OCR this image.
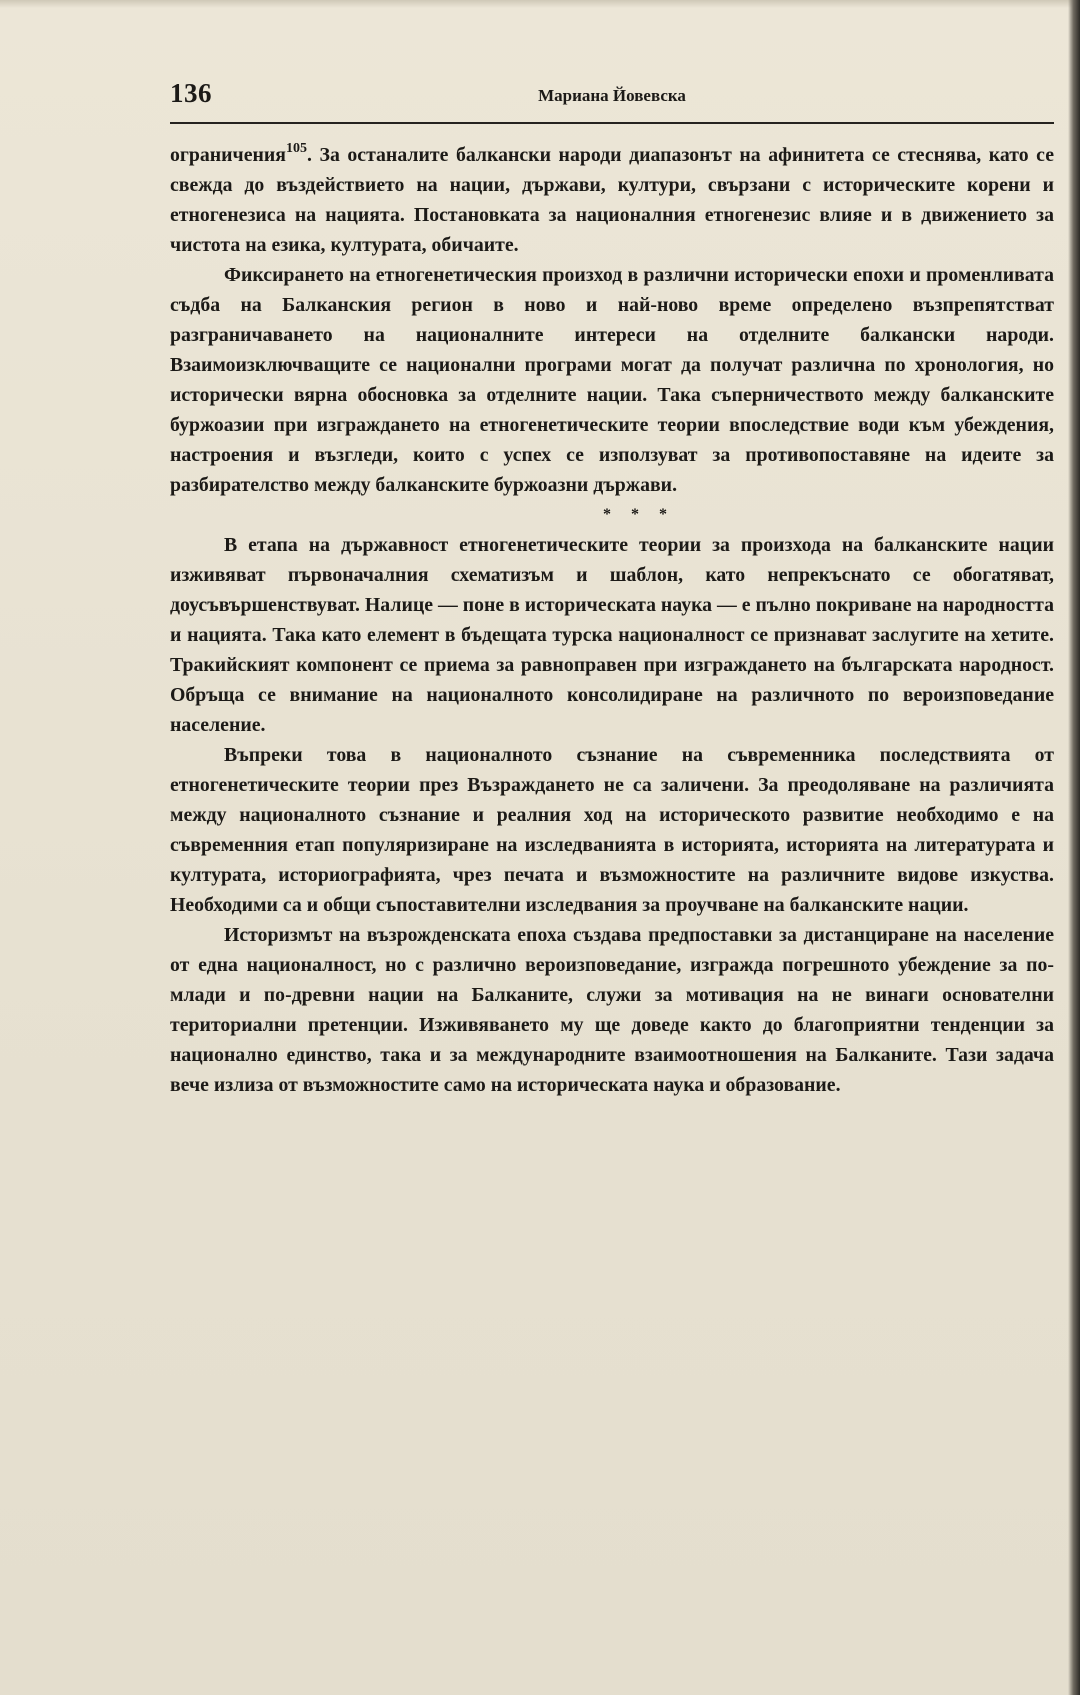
136	Мариана Йовевска

ограничения$^{105}$. За останалите балкански народи диапазонът на афинитета се стеснява, като се свежда до въздействието на нации, държави, култури, свързани с историческите корени и етногенезиса на нацията. Постановката за националния етногенезис влияе и в движението за чистота на езика, културата, обичаите.

Фиксирането на етногенетическия произход в различни исторически епохи и променливата съдба на Балканския регион в ново и най-ново време определено възпрепятстват разграничаването на националните интереси на отделните балкански народи. Взаимоизключващите се национални програми могат да получат различна по хронология, но исторически вярна обосновка за отделните нации. Така съперничеството между балканските буржоазии при изграждането на етногенетическите теории впоследствие води към убеждения, настроения и възгледи, които с успех се използуват за противопоставяне на идеите за разбирателство между балканските буржоазни държави.

* * *

В етапа на държавност етногенетическите теории за произхода на балканските нации изживяват първоначалния схематизъм и шаблон, като непрекъснато се обогатяват, доусъвършенствуват. Налице — поне в историческата наука — е пълно покриване на народността и нацията. Така като елемент в бъдещата турска националност се признават заслугите на хетите. Тракийският компонент се приема за равноправен при изграждането на българската народност. Обръща се внимание на националното консолидиране на различното по вероизповедание население.

Въпреки това в националното съзнание на съвременника последствията от етногенетическите теории през Възраждането не са заличени. За преодоляване на различията между националното съзнание и реалния ход на историческото развитие необходимо е на съвременния етап популяризиране на изследванията в историята, историята на литературата и културата, историографията, чрез печата и възможностите на различните видове изкуства. Необходими са и общи съпоставителни изследвания за проучване на балканските нации.

Историзмът на възрожденската епоха създава предпоставки за дистанциране на население от една националност, но с различно вероизповедание, изгражда погрешното убеждение за по-млади и по-древни нации на Балканите, служи за мотивация на не винаги основателни териториални претенции. Изживяването му ще доведе както до благоприятни тенденции за национално единство, така и за международните взаимоотношения на Балканите. Тази задача вече излиза от възможностите само на историческата наука и образование.
